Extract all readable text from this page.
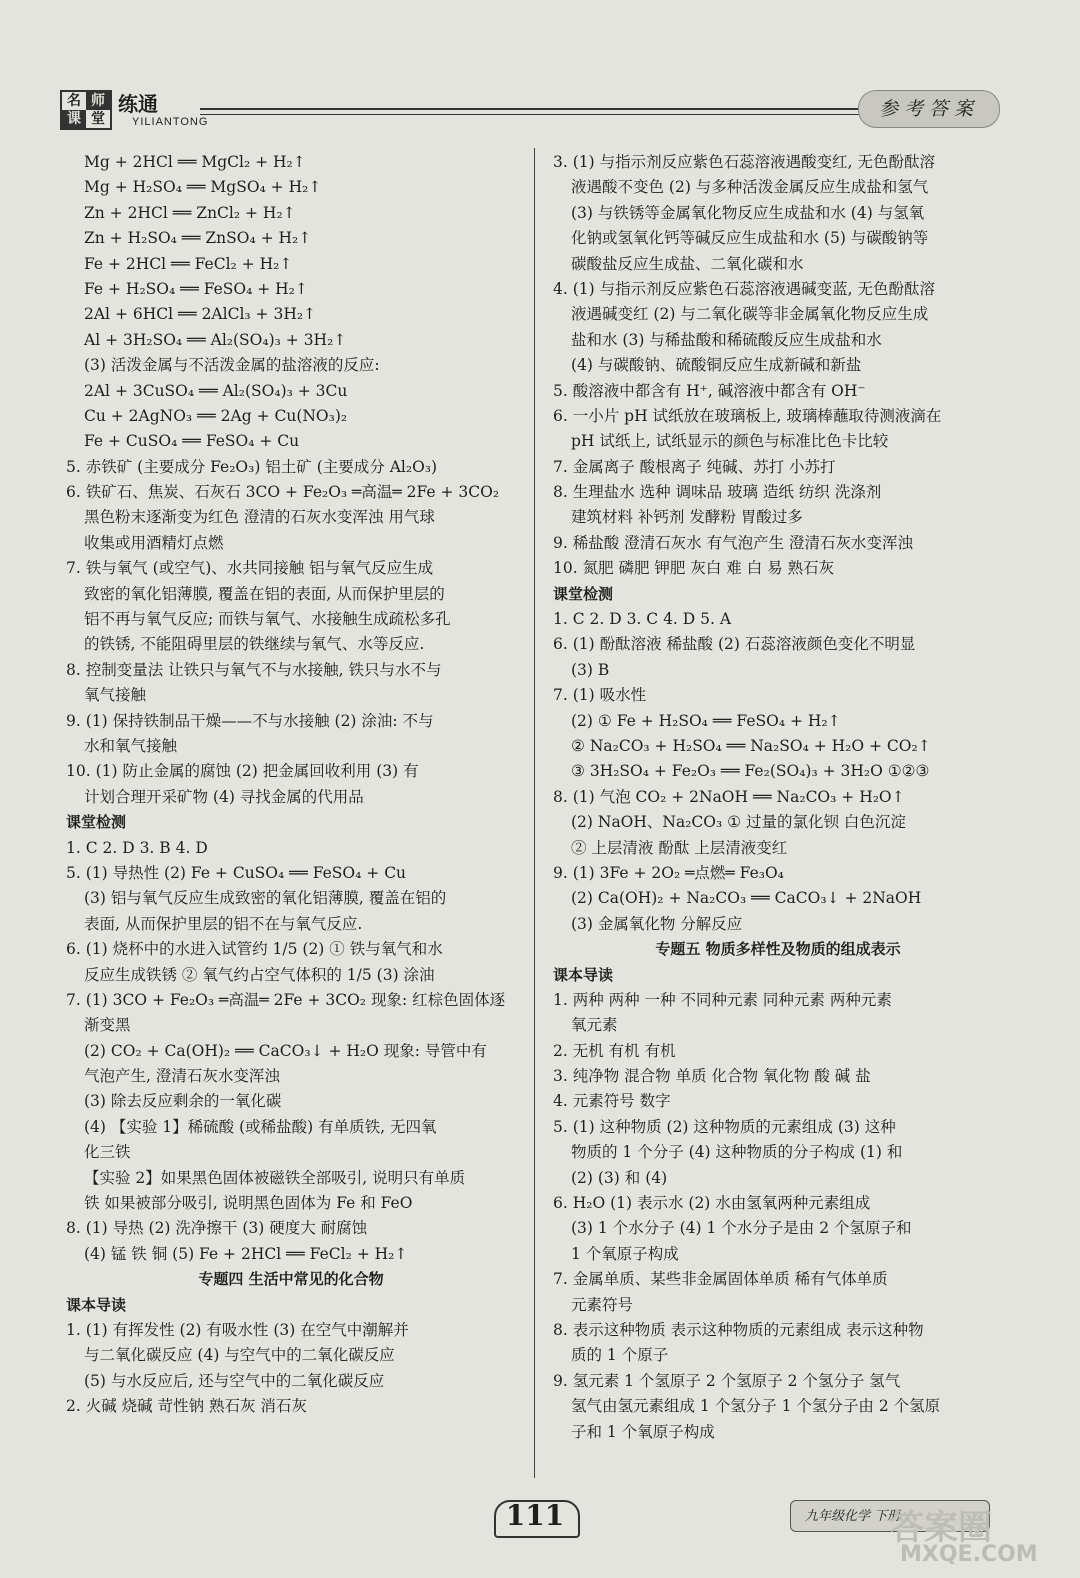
名 师
课 堂
练通
YILIANTONG
参考答案
Mg + 2HCl ══ MgCl₂ + H₂↑
Mg + H₂SO₄ ══ MgSO₄ + H₂↑
Zn + 2HCl ══ ZnCl₂ + H₂↑
Zn + H₂SO₄ ══ ZnSO₄ + H₂↑
Fe + 2HCl ══ FeCl₂ + H₂↑
Fe + H₂SO₄ ══ FeSO₄ + H₂↑
2Al + 6HCl ══ 2AlCl₃ + 3H₂↑
Al + 3H₂SO₄ ══ Al₂(SO₄)₃ + 3H₂↑
(3) 活泼金属与不活泼金属的盐溶液的反应:
2Al + 3CuSO₄ ══ Al₂(SO₄)₃ + 3Cu
Cu + 2AgNO₃ ══ 2Ag + Cu(NO₃)₂
Fe + CuSO₄ ══ FeSO₄ + Cu
5. 赤铁矿 (主要成分 Fe₂O₃) 铝土矿 (主要成分 Al₂O₃)
6. 铁矿石、焦炭、石灰石 3CO + Fe₂O₃ ═高温═ 2Fe + 3CO₂
黑色粉末逐渐变为红色 澄清的石灰水变浑浊 用气球
收集或用酒精灯点燃
7. 铁与氧气 (或空气)、水共同接触 铝与氧气反应生成
致密的氧化铝薄膜, 覆盖在铝的表面, 从而保护里层的
铝不再与氧气反应; 而铁与氧气、水接触生成疏松多孔
的铁锈, 不能阻碍里层的铁继续与氧气、水等反应.
8. 控制变量法 让铁只与氧气不与水接触, 铁只与水不与
氧气接触
9. (1) 保持铁制品干燥——不与水接触 (2) 涂油: 不与
水和氧气接触
10. (1) 防止金属的腐蚀 (2) 把金属回收利用 (3) 有
计划合理开采矿物 (4) 寻找金属的代用品
课堂检测
1. C 2. D 3. B 4. D
5. (1) 导热性 (2) Fe + CuSO₄ ══ FeSO₄ + Cu
(3) 铝与氧气反应生成致密的氧化铝薄膜, 覆盖在铝的
表面, 从而保护里层的铝不在与氧气反应.
6. (1) 烧杯中的水进入试管约 1/5 (2) ① 铁与氧气和水
反应生成铁锈 ② 氧气约占空气体积的 1/5 (3) 涂油
7. (1) 3CO + Fe₂O₃ ═高温═ 2Fe + 3CO₂ 现象: 红棕色固体逐
渐变黑
(2) CO₂ + Ca(OH)₂ ══ CaCO₃↓ + H₂O 现象: 导管中有
气泡产生, 澄清石灰水变浑浊
(3) 除去反应剩余的一氧化碳
(4) 【实验 1】稀硫酸 (或稀盐酸) 有单质铁, 无四氧
化三铁
【实验 2】如果黑色固体被磁铁全部吸引, 说明只有单质
铁 如果被部分吸引, 说明黑色固体为 Fe 和 FeO
8. (1) 导热 (2) 洗净擦干 (3) 硬度大 耐腐蚀
(4) 锰 铁 铜 (5) Fe + 2HCl ══ FeCl₂ + H₂↑
专题四 生活中常见的化合物
课本导读
1. (1) 有挥发性 (2) 有吸水性 (3) 在空气中潮解并
与二氧化碳反应 (4) 与空气中的二氧化碳反应
(5) 与水反应后, 还与空气中的二氧化碳反应
2. 火碱 烧碱 苛性钠 熟石灰 消石灰
3. (1) 与指示剂反应紫色石蕊溶液遇酸变红, 无色酚酞溶
液遇酸不变色 (2) 与多种活泼金属反应生成盐和氢气
(3) 与铁锈等金属氧化物反应生成盐和水 (4) 与氢氧
化钠或氢氧化钙等碱反应生成盐和水 (5) 与碳酸钠等
碳酸盐反应生成盐、二氧化碳和水
4. (1) 与指示剂反应紫色石蕊溶液遇碱变蓝, 无色酚酞溶
液遇碱变红 (2) 与二氧化碳等非金属氧化物反应生成
盐和水 (3) 与稀盐酸和稀硫酸反应生成盐和水
(4) 与碳酸钠、硫酸铜反应生成新碱和新盐
5. 酸溶液中都含有 H⁺, 碱溶液中都含有 OH⁻
6. 一小片 pH 试纸放在玻璃板上, 玻璃棒蘸取待测液滴在
pH 试纸上, 试纸显示的颜色与标准比色卡比较
7. 金属离子 酸根离子 纯碱、苏打 小苏打
8. 生理盐水 选种 调味品 玻璃 造纸 纺织 洗涤剂
建筑材料 补钙剂 发酵粉 胃酸过多
9. 稀盐酸 澄清石灰水 有气泡产生 澄清石灰水变浑浊
10. 氮肥 磷肥 钾肥 灰白 难 白 易 熟石灰
课堂检测
1. C 2. D 3. C 4. D 5. A
6. (1) 酚酞溶液 稀盐酸 (2) 石蕊溶液颜色变化不明显
(3) B
7. (1) 吸水性
(2) ① Fe + H₂SO₄ ══ FeSO₄ + H₂↑
② Na₂CO₃ + H₂SO₄ ══ Na₂SO₄ + H₂O + CO₂↑
③ 3H₂SO₄ + Fe₂O₃ ══ Fe₂(SO₄)₃ + 3H₂O ①②③
8. (1) 气泡 CO₂ + 2NaOH ══ Na₂CO₃ + H₂O↑
(2) NaOH、Na₂CO₃ ① 过量的氯化钡 白色沉淀
② 上层清液 酚酞 上层清液变红
9. (1) 3Fe + 2O₂ ═点燃═ Fe₃O₄
(2) Ca(OH)₂ + Na₂CO₃ ══ CaCO₃↓ + 2NaOH
(3) 金属氧化物 分解反应
专题五 物质多样性及物质的组成表示
课本导读
1. 两种 两种 一种 不同种元素 同种元素 两种元素
氧元素
2. 无机 有机 有机
3. 纯净物 混合物 单质 化合物 氧化物 酸 碱 盐
4. 元素符号 数字
5. (1) 这种物质 (2) 这种物质的元素组成 (3) 这种
物质的 1 个分子 (4) 这种物质的分子构成 (1) 和
(2) (3) 和 (4)
6. H₂O (1) 表示水 (2) 水由氢氧两种元素组成
(3) 1 个水分子 (4) 1 个水分子是由 2 个氢原子和
1 个氧原子构成
7. 金属单质、某些非金属固体单质 稀有气体单质
元素符号
8. 表示这种物质 表示这种物质的元素组成 表示这种物
质的 1 个原子
9. 氢元素 1 个氢原子 2 个氢原子 2 个氢分子 氢气
氢气由氢元素组成 1 个氢分子 1 个氢分子由 2 个氢原
子和 1 个氧原子构成
111	九年级化学 下册
答案圈
MXQE.COM
